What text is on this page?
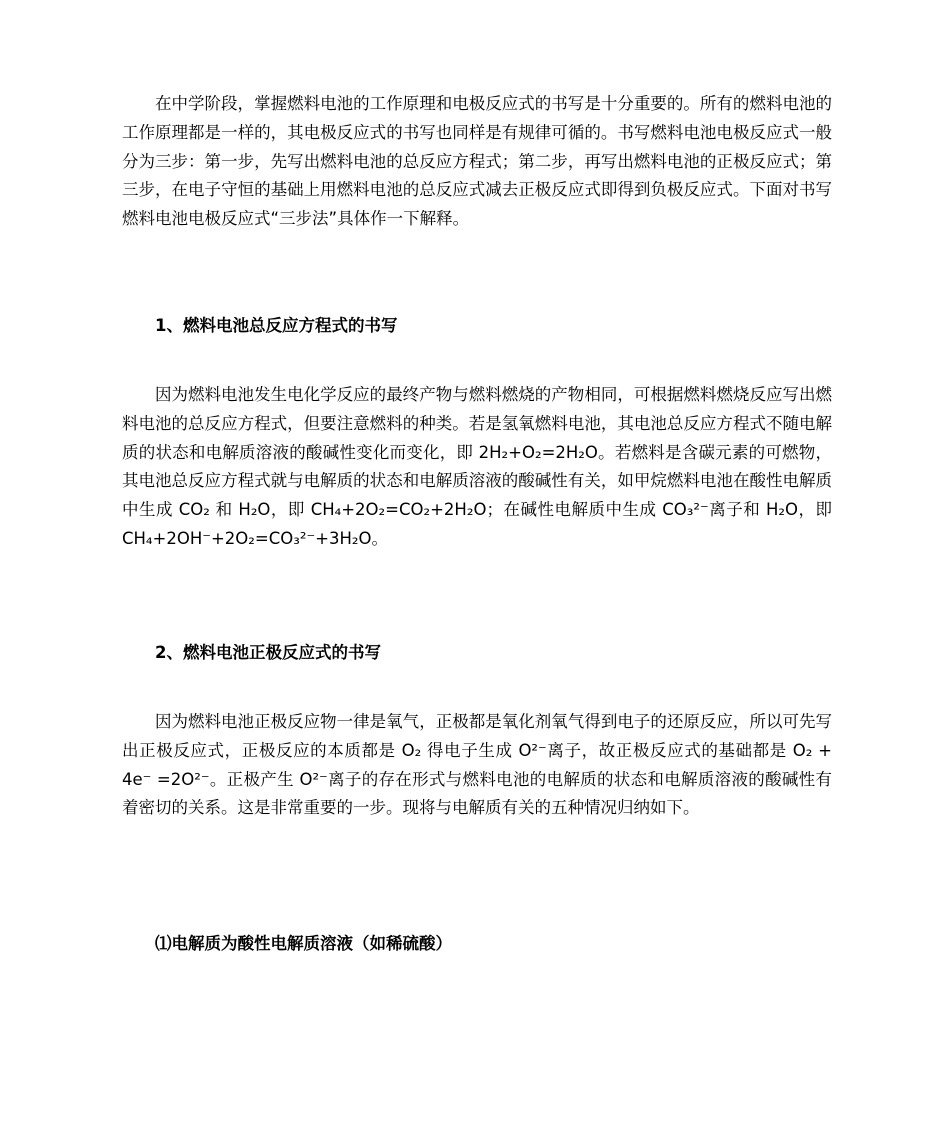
在中学阶段，掌握燃料电池的工作原理和电极反应式的书写是十分重要的。所有的燃料电池的工作原理都是一样的，其电极反应式的书写也同样是有规律可循的。书写燃料电池电极反应式一般分为三步：第一步，先写出燃料电池的总反应方程式；第二步，再写出燃料电池的正极反应式；第三步，在电子守恒的基础上用燃料电池的总反应式减去正极反应式即得到负极反应式。下面对书写燃料电池电极反应式“三步法”具体作一下解释。

1、燃料电池总反应方程式的书写

因为燃料电池发生电化学反应的最终产物与燃料燃烧的产物相同，可根据燃料燃烧反应写出燃料电池的总反应方程式，但要注意燃料的种类。若是氢氧燃料电池，其电池总反应方程式不随电解质的状态和电解质溶液的酸碱性变化而变化，即 2H₂+O₂=2H₂O。若燃料是含碳元素的可燃物，其电池总反应方程式就与电解质的状态和电解质溶液的酸碱性有关，如甲烷燃料电池在酸性电解质中生成 CO₂ 和 H₂O，即 CH₄+2O₂=CO₂+2H₂O；在碱性电解质中生成 CO₃²⁻离子和 H₂O，即 CH₄+2OH⁻+2O₂=CO₃²⁻+3H₂O。

2、燃料电池正极反应式的书写

因为燃料电池正极反应物一律是氧气，正极都是氧化剂氧气得到电子的还原反应，所以可先写出正极反应式，正极反应的本质都是 O₂ 得电子生成 O²⁻离子，故正极反应式的基础都是 O₂ + 4e⁻ =2O²⁻。正极产生 O²⁻离子的存在形式与燃料电池的电解质的状态和电解质溶液的酸碱性有着密切的关系。这是非常重要的一步。现将与电解质有关的五种情况归纳如下。

⑴电解质为酸性电解质溶液（如稀硫酸）
